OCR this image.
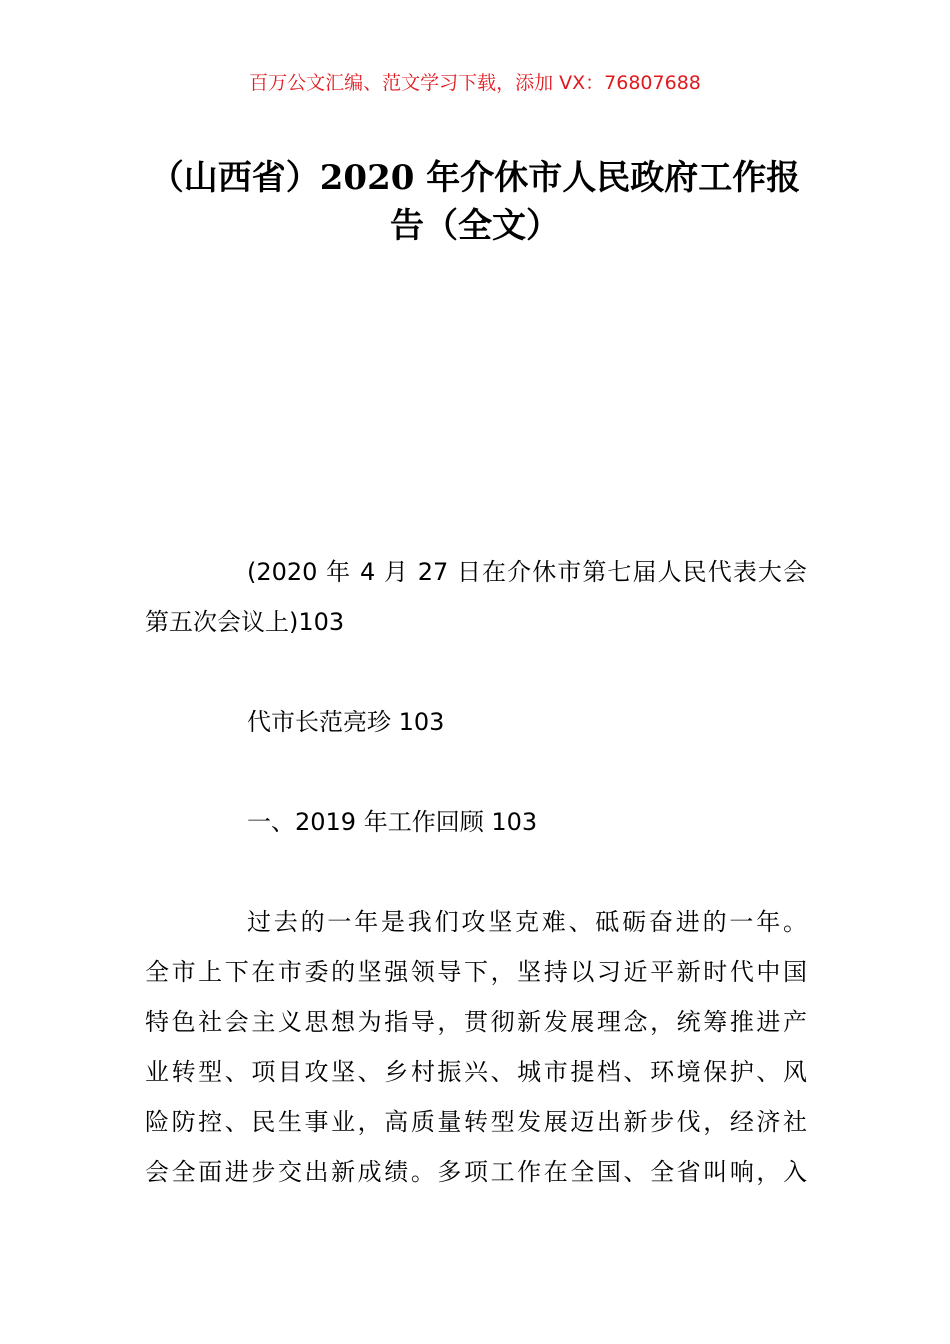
百万公文汇编、范文学习下载，添加 VX：76807688
（山西省）2020 年介休市人民政府工作报
告（全文）
(2020 年 4 月 27 日在介休市第七届人民代表大会
第五次会议上)103
代市长范亮珍 103
一、2019 年工作回顾 103
过去的一年是我们攻坚克难、砥砺奋进的一年。
全市上下在市委的坚强领导下，坚持以习近平新时代中国
特色社会主义思想为指导，贯彻新发展理念，统筹推进产
业转型、项目攻坚、乡村振兴、城市提档、环境保护、风
险防控、民生事业，高质量转型发展迈出新步伐，经济社
会全面进步交出新成绩。多项工作在全国、全省叫响，入
